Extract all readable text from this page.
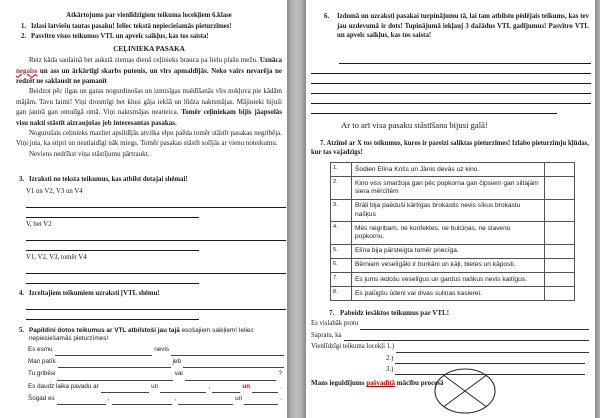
Atkārtojums par vienlīdzīgiem teikuma locekļiem 6.klase
1. Izlasi latviešu tautas pasaku! Ieliec tekstā nepieciešamās pieturzīmes!
2. Pasvītro visos teikumos VTL un apvelc saikļus, kas tos saista!
CEĻINIEKA PASAKA

Reiz kāda saulainā bet aukstā ziemas dienā ceļinieks brauca pa lielu plašu mežu. Uznāca negaiss un ass un ārkārtīgi skarbs putenis, un vīrs apmaldījās. Neko vairs nevarēja ne redzēt ne saklausīt ne pamanīt

Beidzot pēc ilgas un garas nogurdinošas un izmisīgas maldīšanās vīrs nokļuva pie kādām mājām. Tavu laimi! Viņi drosmīgi bet klusi gāja iekšā un lūdza naktsmājas. Mājinieki bijuši gan jautrā gan omulīgā omā. Viņi naktsmājas neatteica. Tomēr ceļiniekam bijis jāapsolās visu nakti stāstīt aizraujošas jeb interesantas pasakas.

Nogurušais ceļinieks mazliet apsildījās atvilka elpu paēda tomēr stāstīt pasakas negribēja. Viņi juta, ka stipri un neatlaidīgi nāk miegs. Tomēr pasakas stāstīt solījās ar vienu noteikumu.

Neviens nedrīkst viņa stāstījumu pārtraukt.

3. Izraksti no teksta teikumus, kas atbilst dotajai shēmai!
V1 un V2, V3 un V4
V, bet V2
V1, V2, V3, tomēr V4
4. Izceltajiem teikumiem uzraksti [VTL shēmu!
5.
Papildini dotos teikumus ar VTL atbilstoši jau tajā esošajiem saikļiem! Ieliec nepieciešamās pieturzīmes!
Es esmu	nevis
Man patīk	jeb
Tu gribēsi	vai	?
Es daudz laika pavadu ar	un	,	un	.
Šogad es	,	,	un	.
6.	Izdomā un uzraksti pasakai turpinājumu tā, lai tam atbilstu pēdējais teikums, kas tev jau uzdevumā ir dots! Tupinājumā iekļauj 3 dažādus VTL gadījumus! Pasvītro VTL un apvelc saikļus, kas tos saista!
Ar to arī visa pasaku stāstīšana bijusi galā!
7. Atzīmē ar X tos teikumus, kuros ir pareizi saliktas pieturzīmes! Izlabo pieturzīmju kļūdas, kur tas vajadzīgs!
1.	Šodien Elīna Krišs un Jānis devās uz kino.	
2.	Kino viss smaržoja gan pēc popkorna gan čipsiem gan siltajām siera mērcītēm	
3.	Brāļi bija paēduši kārtīgas brokastis nevis sīkus brokastu našķus	
4.	Mēs negribam, ne konfektes, ne bulciņas, ne slaveno popkornu.	
5.	Elīna bija pārsteigta tomēr priecīga.	
6.	Bērniem veselīgāki ir burkāni un kāļi, bietes un kāposti.	
7.	Es jums iedošu veselīgus un gardus našķus nevis kaitīgus.	
8.	Es palūgšu ūdeni vai divas suliņas kasierei.	
7. Pabeidz iesāktos teikumus par VTL!
Es vislabāk protu
Sapratu, ka
Vienlīdzīgi teikuma locekļi 1.)
2.)
3.)
Mans ieguldījums pašvadītā mācību procesā
